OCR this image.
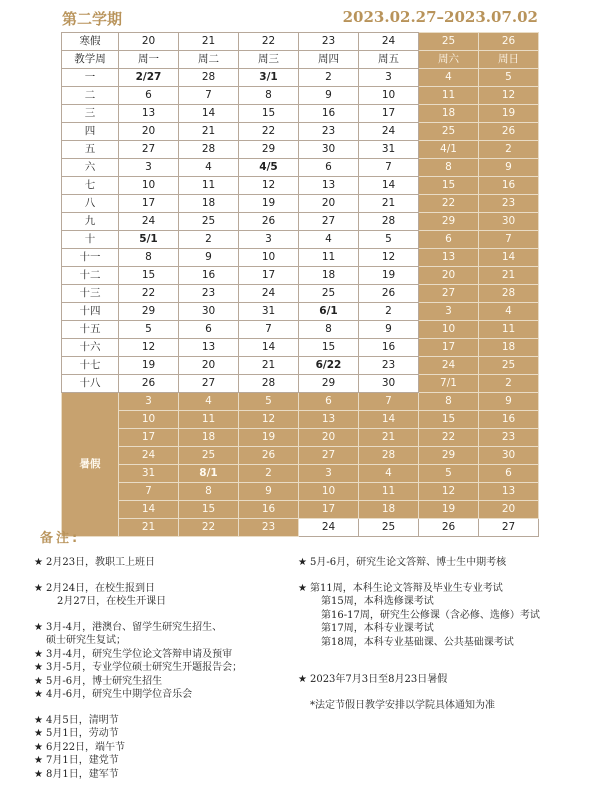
第二学期	2023.02.27–2023.07.02
寒假	20	21	22	23	24	25	26
教学周	周一	周二	周三	周四	周五	周六	周日
一	2/27	28	3/1	2	3	4	5
二	6	7	8	9	10	11	12
三	13	14	15	16	17	18	19
四	20	21	22	23	24	25	26
五	27	28	29	30	31	4/1	2
六	3	4	4/5	6	7	8	9
七	10	11	12	13	14	15	16
八	17	18	19	20	21	22	23
九	24	25	26	27	28	29	30
十	5/1	2	3	4	5	6	7
十一	8	9	10	11	12	13	14
十二	15	16	17	18	19	20	21
十三	22	23	24	25	26	27	28
十四	29	30	31	6/1	2	3	4
十五	5	6	7	8	9	10	11
十六	12	13	14	15	16	17	18
十七	19	20	21	6/22	23	24	25
十八	26	27	28	29	30	7/1	2
暑假	3	4	5	6	7	8	9
	10	11	12	13	14	15	16
	17	18	19	20	21	22	23
	24	25	26	27	28	29	30
	31	8/1	2	3	4	5	6
	7	8	9	10	11	12	13
	14	15	16	17	18	19	20
	21	22	23	24	25	26	27
备注:
★ 2月23日，教职工上班日
★ 2月24日，在校生报到日
2月27日，在校生开课日
★ 3月-4月，港澳台、留学生研究生招生、
硕士研究生复试；
★ 3月-4月，研究生学位论文答辩申请及预审
★ 3月-5月，专业学位硕士研究生开题报告会；
★ 5月-6月，博士研究生招生
★ 4月-6月，研究生中期学位音乐会
★ 4月5日，清明节
★ 5月1日，劳动节
★ 6月22日，端午节
★ 7月1日，建党节
★ 8月1日，建军节
★ 5月-6月，研究生论文答辩、博士生中期考核
★ 第11周，本科生论文答辩及毕业生专业考试
第15周，本科选修课考试
第16-17周，研究生公修课（含必修、选修）考试
第17周，本科专业课考试
第18周，本科专业基础课、公共基础课考试
★ 2023年7月3日至8月23日暑假
*法定节假日教学安排以学院具体通知为准
